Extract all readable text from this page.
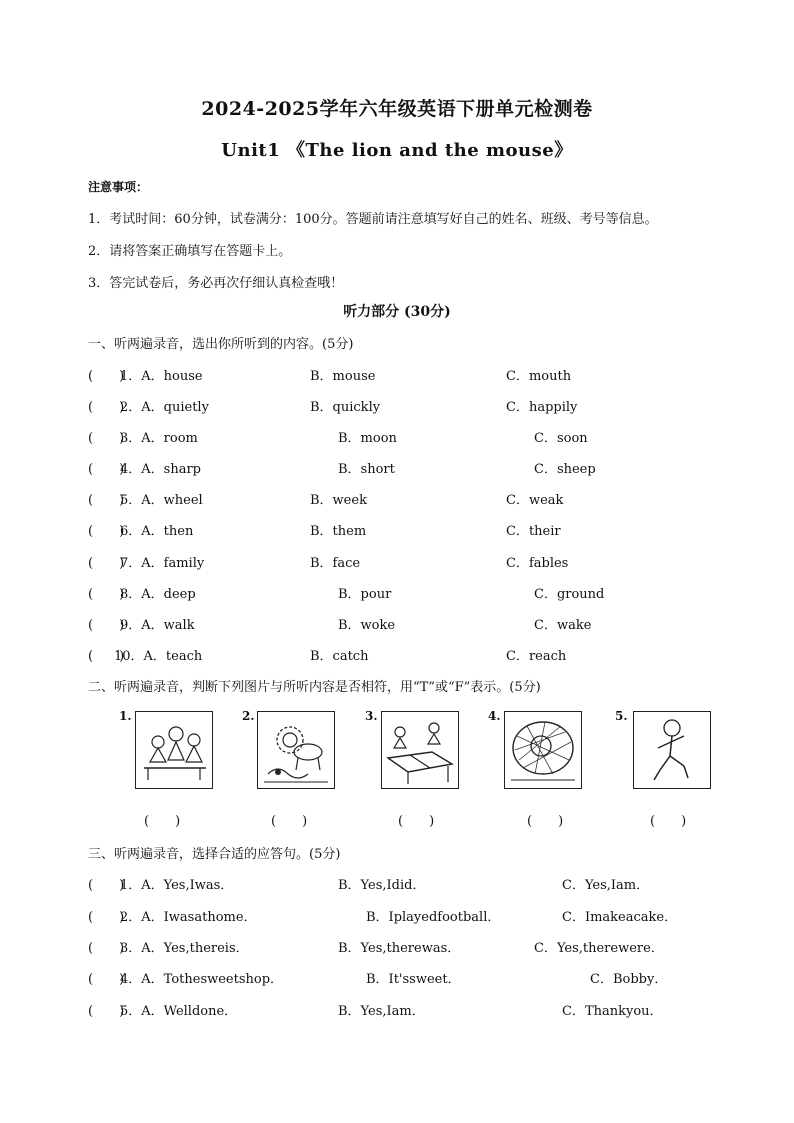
2024-2025学年六年级英语下册单元检测卷
Unit1 《The lion and the mouse》
注意事项：
1．考试时间：60分钟，试卷满分：100分。答题前请注意填写好自己的姓名、班级、考号等信息。
2．请将答案正确填写在答题卡上。
3．答完试卷后，务必再次仔细认真检查哦！
听力部分 (30分)
一、听两遍录音，选出你所听到的内容。(5分)
(　　)
1．A．house	B．mouse	C．mouth
(　　)
2．A．quietly	B．quickly	C．happily
(　　)
3．A．room	B．moon	C．soon
(　　)
4．A．sharp	B．short	C．sheep
(　　)
5．A．wheel	B．week	C．weak
(　　)
6．A．then	B．them	C．their
(　　)
7．A．family	B．face	C．fables
(　　)
8．A．deep	B．pour	C．ground
(　　)
9．A．walk	B．woke	C．wake
(　　)
10．A．teach	B．catch	C．reach
二、听两遍录音，判断下列图片与所听内容是否相符，用“T”或“F”表示。(5分)
1.	2.	3.	4.	5.
(　　)	(　　)	(　　)	(　　)	(　　)
三、听两遍录音，选择合适的应答句。(5分)
(　　)
1．A．Yes,Iwas．	B．Yes,Idid．	C．Yes,Iam．
(　　)
2．A．Iwasathome．	B．Iplayedfootball．	C．Imakeacake．
(　　)
3．A．Yes,thereis．	B．Yes,therewas．	C．Yes,therewere．
(　　)
4．A．Tothesweetshop．	B．It'ssweet．	C．Bobby．
(　　)
5．A．Welldone．	B．Yes,Iam．	C．Thankyou．
